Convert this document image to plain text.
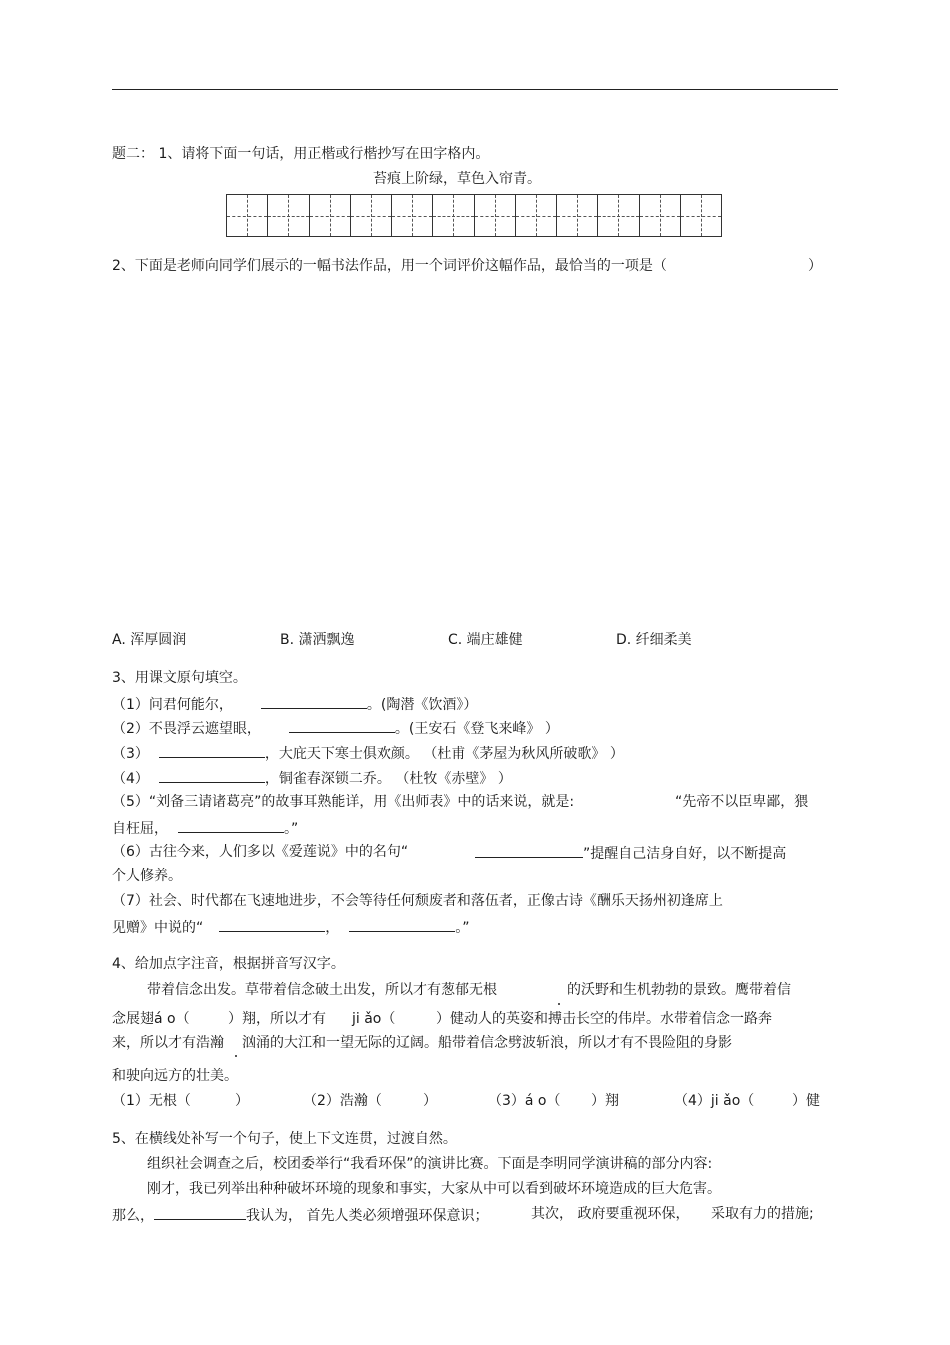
题二： 1、请将下面一句话，用正楷或行楷抄写在田字格内。
苔痕上阶绿，草色入帘青。
2、下面是老师向同学们展示的一幅书法作品，用一个词评价这幅作品，最恰当的一项是（	）
A. 浑厚圆润	B. 潇洒飘逸	C. 端庄雄健	D. 纤细柔美
3、用课文原句填空。
（1）问君何能尔，	。(陶潜《饮酒》）
（2）不畏浮云遮望眼，	。(王安石《登飞来峰》 ）
（3）	，大庇天下寒士俱欢颜。 （杜甫《茅屋为秋风所破歌》 ）
（4）	，铜雀春深锁二乔。 （杜牧《赤壁》 ）
（5）“刘备三请诸葛亮”的故事耳熟能详，用《出师表》中的话来说，就是:	“先帝不以臣卑鄙，猥
自枉屈，	。”
（6）古往今来，人们多以《爱莲说》中的名句“	”提醒自己洁身自好，以不断提高
个人修养。
（7）社会、时代都在飞速地进步，不会等待任何颓废者和落伍者，正像古诗《酬乐天扬州初逢席上
见赠》中说的“	，	。”
4、给加点字注音，根据拼音写汉字。
带着信念出发。草带着信念破土出发，所以才有葱郁无根	的沃野和生机勃勃的景致。鹰带着信
念展翅á o（	）翔，所以才有 ji ǎo（	）健动人的英姿和搏击长空的伟岸。水带着信念一路奔
来，所以才有浩瀚 汹涌的大江和一望无际的辽阔。船带着信念劈波斩浪，所以才有不畏险阻的身影
和驶向远方的壮美。
（1）无根（	）	（2）浩瀚（	）	（3）á o（ ）翔	（4）ji ǎo（	）健
5、在横线处补写一个句子，使上下文连贯，过渡自然。
组织社会调查之后，校团委举行“我看环保”的演讲比赛。下面是李明同学演讲稿的部分内容:
刚才，我已列举出种种破坏环境的现象和事实，大家从中可以看到破坏环境造成的巨大危害。
那么，	我认为， 首先人类必须增强环保意识；	其次， 政府要重视环保， 采取有力的措施;
